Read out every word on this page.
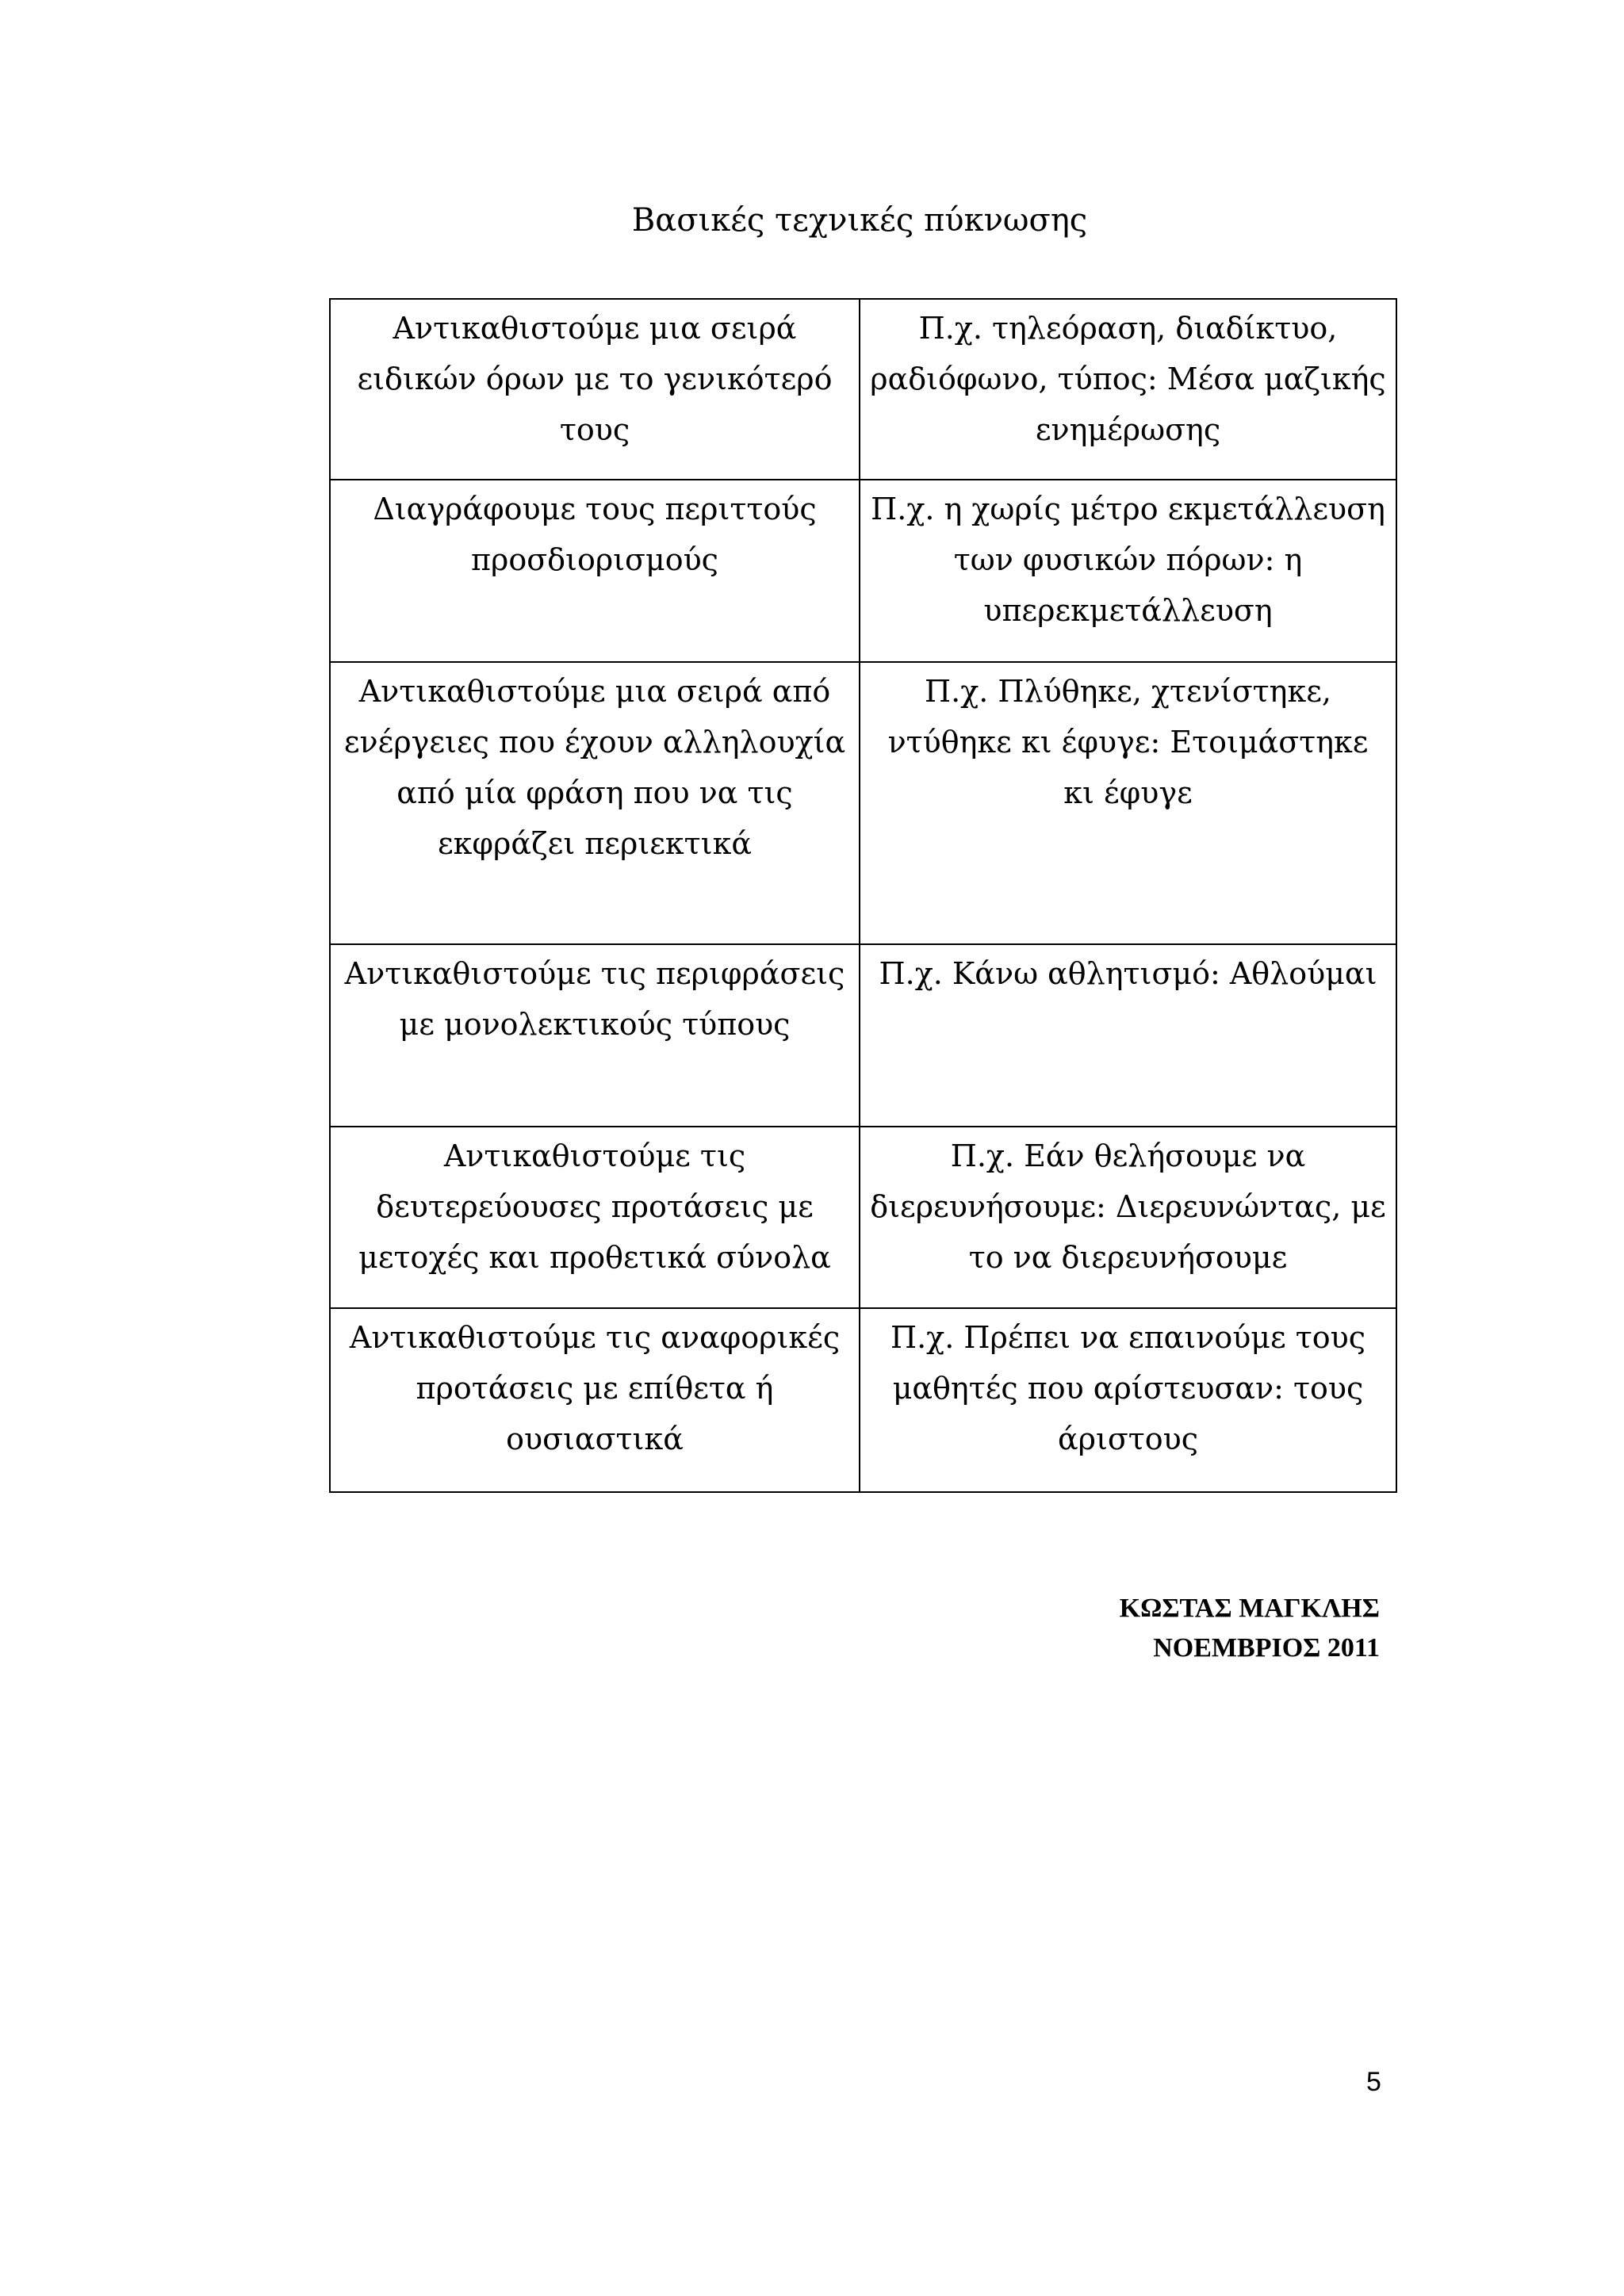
Βασικές τεχνικές πύκνωσης
Αντικαθιστούμε μια σειρά ειδικών όρων με το γενικότερό τους	Π.χ. τηλεόραση, διαδίκτυο, ραδιόφωνο, τύπος: Μέσα μαζικής ενημέρωσης

Διαγράφουμε τους περιττούς προσδιορισμούς	Π.χ. η χωρίς μέτρο εκμετάλλευση των φυσικών πόρων: η υπερεκμετάλλευση

Αντικαθιστούμε μια σειρά από ενέργειες που έχουν αλληλουχία από μία φράση που να τις εκφράζει περιεκτικά	Π.χ. Πλύθηκε, χτενίστηκε, ντύθηκε κι έφυγε: Ετοιμάστηκε κι έφυγε

Αντικαθιστούμε τις περιφράσεις με μονολεκτικούς τύπους	Π.χ. Κάνω αθλητισμό: Αθλούμαι

Αντικαθιστούμε τις δευτερεύουσες προτάσεις με μετοχές και προθετικά σύνολα	Π.χ. Εάν θελήσουμε να διερευνήσουμε: Διερευνώντας, με το να διερευνήσουμε

Αντικαθιστούμε τις αναφορικές προτάσεις με επίθετα ή ουσιαστικά	Π.χ. Πρέπει να επαινούμε τους μαθητές που αρίστευσαν: τους άριστους
ΚΩΣΤΑΣ ΜΑΓΚΛΗΣ
ΝΟΕΜΒΡΙΟΣ 2011
5
